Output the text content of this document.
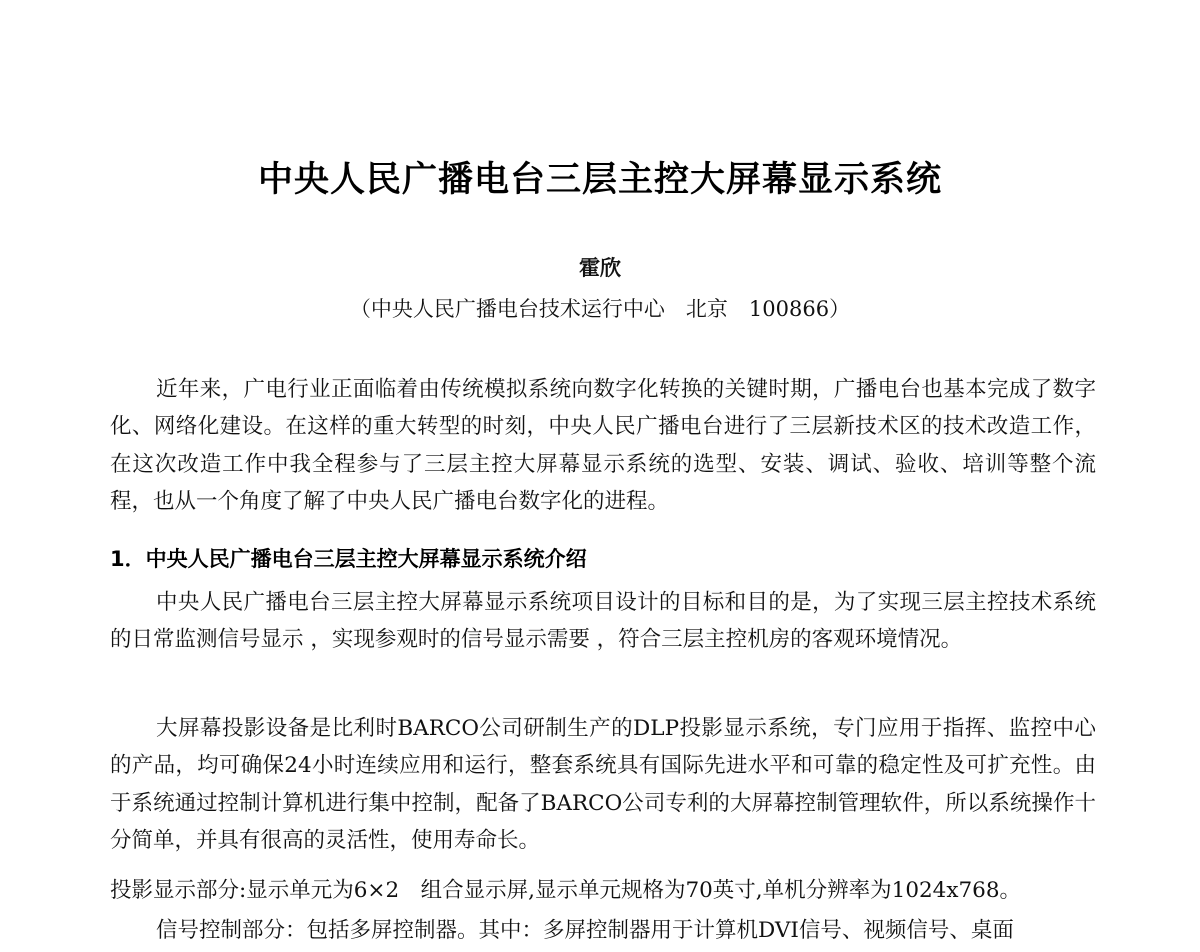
中央人民广播电台三层主控大屏幕显示系统
霍欣
（中央人民广播电台技术运行中心　北京　100866）
近年来，广电行业正面临着由传统模拟系统向数字化转换的关键时期，广播电台也基本完成了数字化、网络化建设。在这样的重大转型的时刻，中央人民广播电台进行了三层新技术区的技术改造工作，在这次改造工作中我全程参与了三层主控大屏幕显示系统的选型、安装、调试、验收、培训等整个流程，也从一个角度了解了中央人民广播电台数字化的进程。
1．中央人民广播电台三层主控大屏幕显示系统介绍
中央人民广播电台三层主控大屏幕显示系统项目设计的目标和目的是，为了实现三层主控技术系统的日常监测信号显示 ，实现参观时的信号显示需要 ，符合三层主控机房的客观环境情况。
大屏幕投影设备是比利时BARCO公司研制生产的DLP投影显示系统，专门应用于指挥、监控中心的产品，均可确保24小时连续应用和运行，整套系统具有国际先进水平和可靠的稳定性及可扩充性。由于系统通过控制计算机进行集中控制，配备了BARCO公司专利的大屏幕控制管理软件，所以系统操作十分简单，并具有很高的灵活性，使用寿命长。
投影显示部分:显示单元为6×2　组合显示屏,显示单元规格为70英寸,单机分辨率为1024x768。
信号控制部分：包括多屏控制器。其中：多屏控制器用于计算机DVI信号、视频信号、桌面
